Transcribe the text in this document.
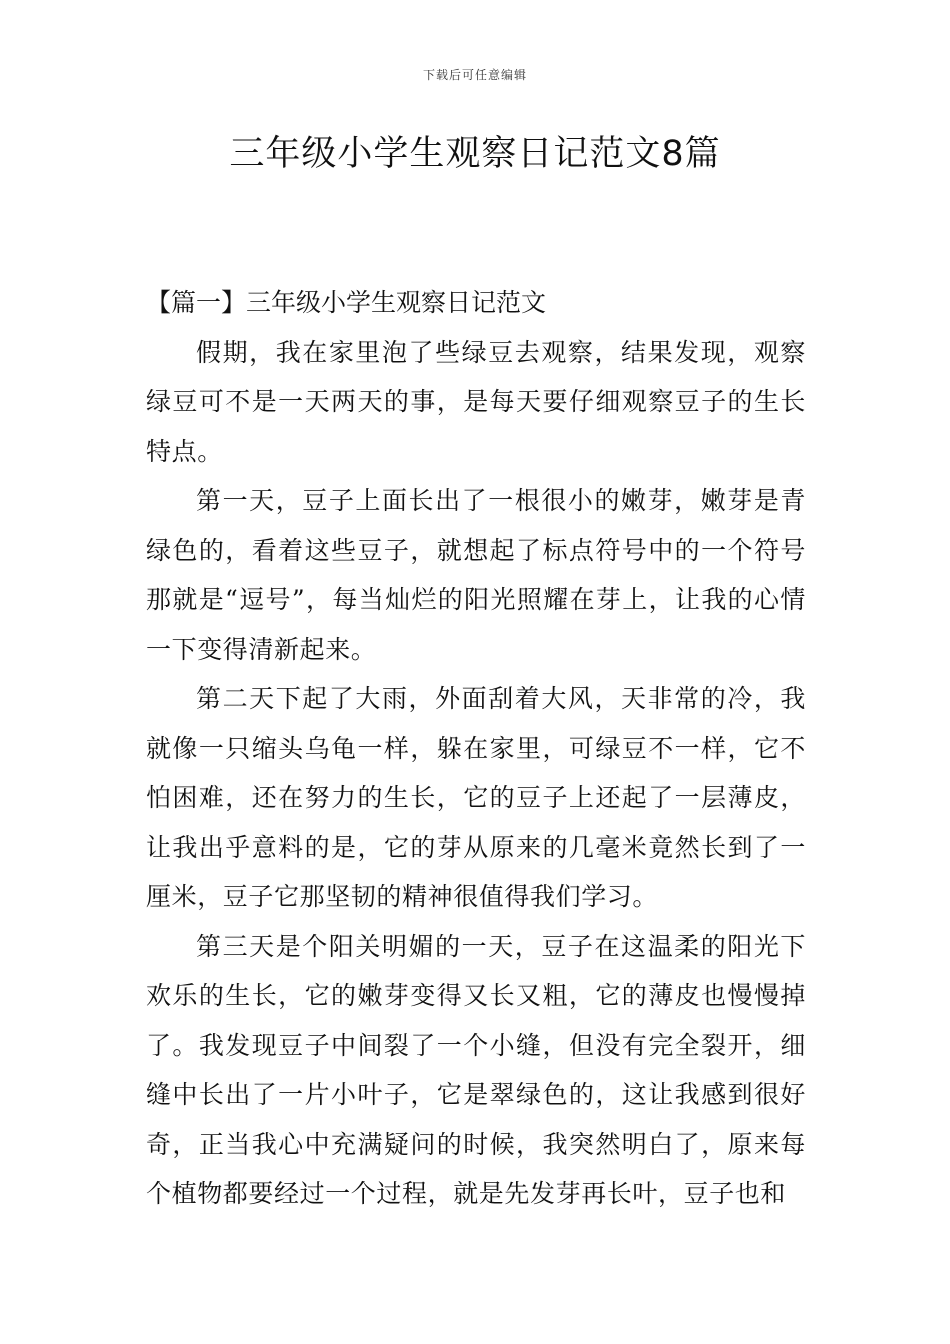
下载后可任意编辑
三年级小学生观察日记范文8篇
【篇一】三年级小学生观察日记范文

假期，我在家里泡了些绿豆去观察，结果发现，观察绿豆可不是一天两天的事，是每天要仔细观察豆子的生长特点。

第一天，豆子上面长出了一根很小的嫩芽，嫩芽是青绿色的，看着这些豆子，就想起了标点符号中的一个符号那就是“逗号”，每当灿烂的阳光照耀在芽上，让我的心情一下变得清新起来。

第二天下起了大雨，外面刮着大风，天非常的冷，我就像一只缩头乌龟一样，躲在家里，可绿豆不一样，它不怕困难，还在努力的生长，它的豆子上还起了一层薄皮，让我出乎意料的是，它的芽从原来的几毫米竟然长到了一厘米，豆子它那坚韧的精神很值得我们学习。

第三天是个阳关明媚的一天，豆子在这温柔的阳光下欢乐的生长，它的嫩芽变得又长又粗，它的薄皮也慢慢掉了。我发现豆子中间裂了一个小缝，但没有完全裂开，细缝中长出了一片小叶子，它是翠绿色的，这让我感到很好奇，正当我心中充满疑问的时候，我突然明白了，原来每个植物都要经过一个过程，就是先发芽再长叶，豆子也和
